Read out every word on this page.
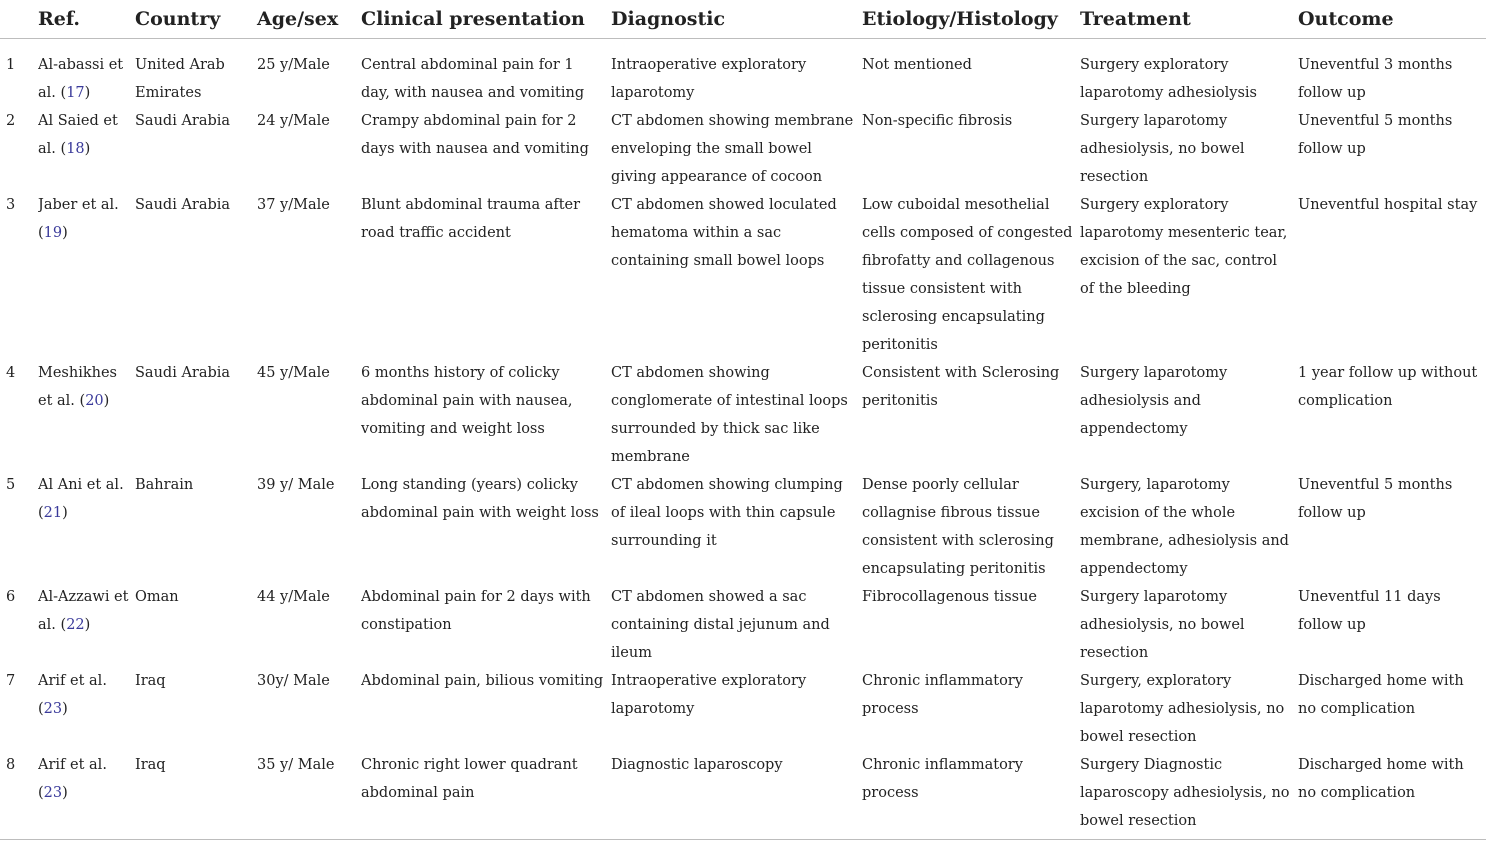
	Ref.	Country	Age/sex	Clinical presentation	Diagnostic	Etiology/Histology	Treatment	Outcome
1	Al-abassi et al. (17)	United Arab Emirates	25 y/Male	Central abdominal pain for 1 day, with nausea and vomiting	Intraoperative exploratory laparotomy	Not mentioned	Surgery exploratory laparotomy adhesiolysis	Uneventful 3 months follow up
2	Al Saied et al. (18)	Saudi Arabia	24 y/Male	Crampy abdominal pain for 2 days with nausea and vomiting	CT abdomen showing membrane enveloping the small bowel giving appearance of cocoon	Non-specific fibrosis	Surgery laparotomy adhesiolysis, no bowel resection	Uneventful 5 months follow up
3	Jaber et al. (19)	Saudi Arabia	37 y/Male	Blunt abdominal trauma after road traffic accident	CT abdomen showed loculated hematoma within a sac containing small bowel loops	Low cuboidal mesothelial cells composed of congested fibrofatty and collagenous tissue consistent with sclerosing encapsulating peritonitis	Surgery exploratory laparotomy mesenteric tear, excision of the sac, control of the bleeding	Uneventful hospital stay
4	Meshikhes et al. (20)	Saudi Arabia	45 y/Male	6 months history of colicky abdominal pain with nausea, vomiting and weight loss	CT abdomen showing conglomerate of intestinal loops surrounded by thick sac like membrane	Consistent with Sclerosing peritonitis	Surgery laparotomy adhesiolysis and appendectomy	1 year follow up without complication
5	Al Ani et al. (21)	Bahrain	39 y/ Male	Long standing (years) colicky abdominal pain with weight loss	CT abdomen showing clumping of ileal loops with thin capsule surrounding it	Dense poorly cellular collagnise fibrous tissue consistent with sclerosing encapsulating peritonitis	Surgery, laparotomy excision of the whole membrane, adhesiolysis and appendectomy	Uneventful 5 months follow up
6	Al-Azzawi et al. (22)	Oman	44 y/Male	Abdominal pain for 2 days with constipation	CT abdomen showed a sac containing distal jejunum and ileum	Fibrocollagenous tissue	Surgery laparotomy adhesiolysis, no bowel resection	Uneventful 11 days follow up
7	Arif et al. (23)	Iraq	30y/ Male	Abdominal pain, bilious vomiting	Intraoperative exploratory laparotomy	Chronic inflammatory process	Surgery, exploratory laparotomy adhesiolysis, no bowel resection	Discharged home with no complication
8	Arif et al. (23)	Iraq	35 y/ Male	Chronic right lower quadrant abdominal pain	Diagnostic laparoscopy	Chronic inflammatory process	Surgery Diagnostic laparoscopy adhesiolysis, no bowel resection	Discharged home with no complication
